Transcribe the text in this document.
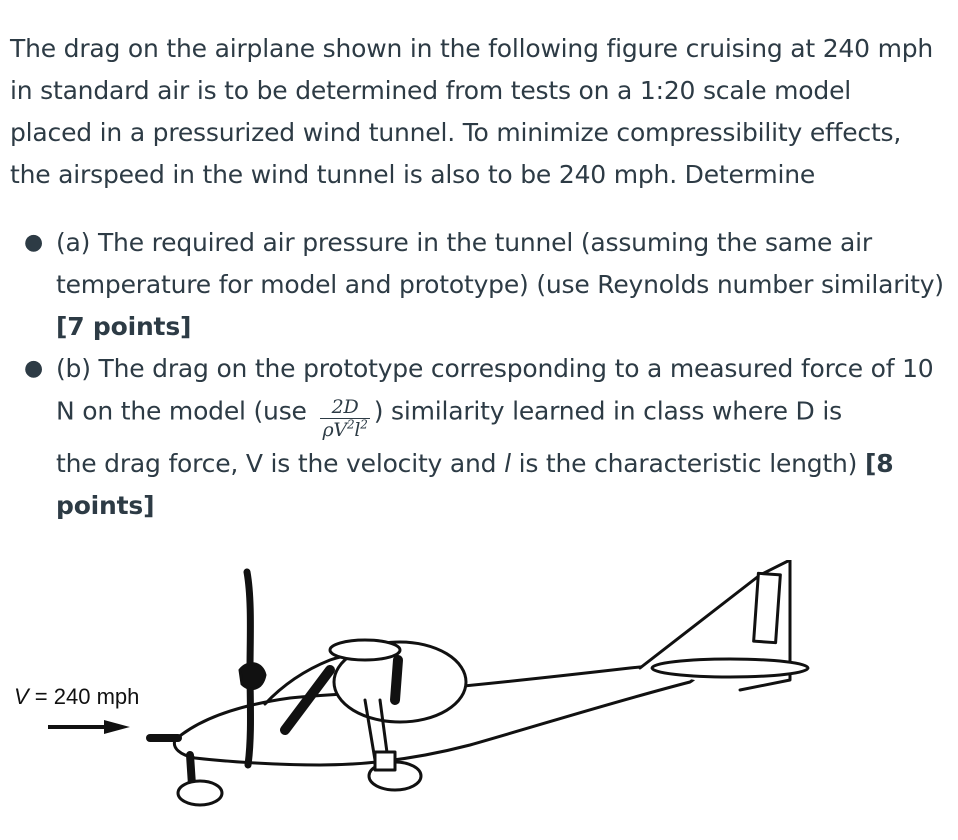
The drag on the airplane shown in the following figure cruising at 240 mph in standard air is to be determined from tests on a 1:20 scale model placed in a pressurized wind tunnel. To minimize compressibility effects, the airspeed in the wind tunnel is also to be 240 mph. Determine

● (a) The required air pressure in the tunnel (assuming the same air temperature for model and prototype) (use Reynolds number similarity) [7 points]
● (b) The drag on the prototype corresponding to a measured force of 10 N on the model ($use \frac{2D}{\rho V^2l^2}$ ) similarity learned in class where D is
the drag force, V is the velocity and l is the characteristic length) [8 points]
V = 240 mph
